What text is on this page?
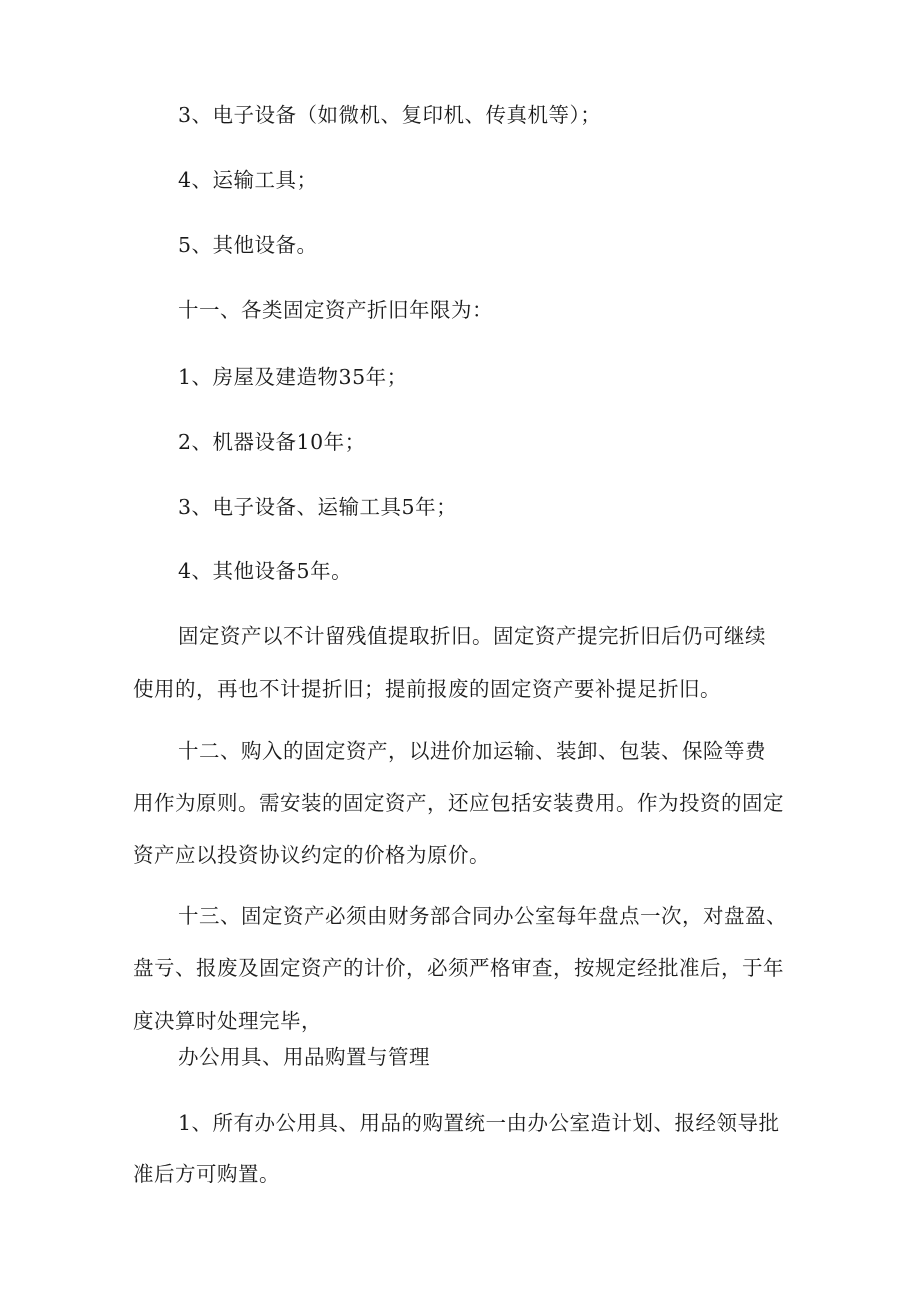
3、电子设备（如微机、复印机、传真机等）；
4、运输工具；
5、其他设备。
十一、各类固定资产折旧年限为：
1、房屋及建造物35年；
2、机器设备10年；
3、电子设备、运输工具5年；
4、其他设备5年。
固定资产以不计留残值提取折旧。固定资产提完折旧后仍可继续
使用的，再也不计提折旧；提前报废的固定资产要补提足折旧。
十二、购入的固定资产，以进价加运输、装卸、包装、保险等费
用作为原则。需安装的固定资产，还应包括安装费用。作为投资的固定
资产应以投资协议约定的价格为原价。
十三、固定资产必须由财务部合同办公室每年盘点一次，对盘盈、
盘亏、报废及固定资产的计价，必须严格审查，按规定经批准后，于年
度决算时处理完毕，
办公用具、用品购置与管理
1、所有办公用具、用品的购置统一由办公室造计划、报经领导批
准后方可购置。
